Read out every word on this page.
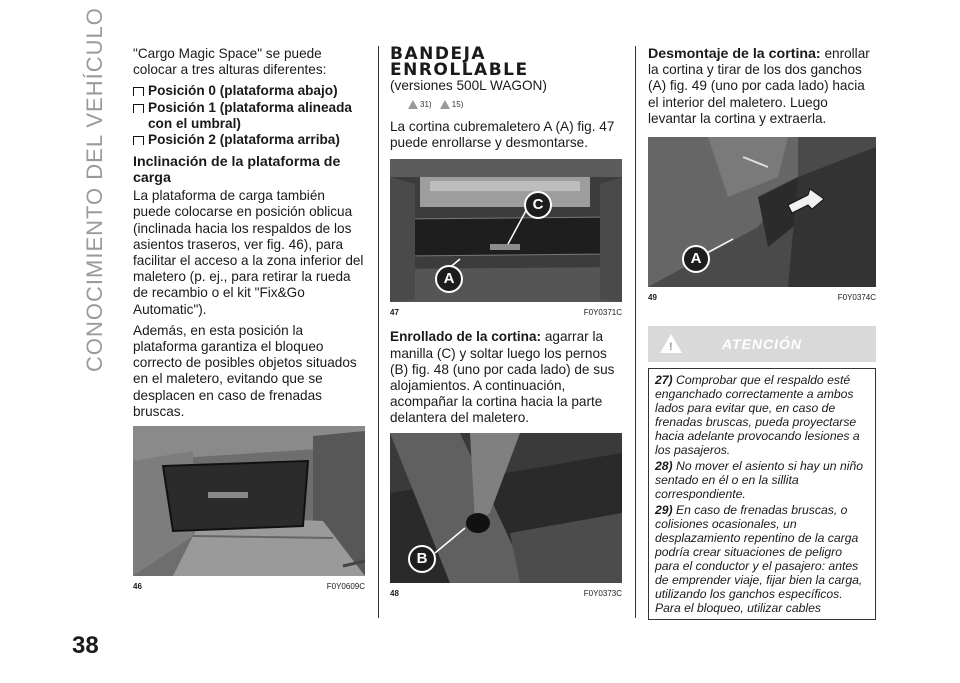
CONOCIMIENTO DEL VEHÍCULO
38

"Cargo Magic Space" se puede colocar a tres alturas diferentes:

Posición 0 (plataforma abajo)
Posición 1 (plataforma alineada con el umbral)
Posición 2 (plataforma arriba)
Inclinación de la plataforma de carga

La plataforma de carga también puede colocarse en posición oblicua (inclinada hacia los respaldos de los asientos traseros, ver fig. 46), para facilitar el acceso a la zona inferior del maletero (p. ej., para retirar la rueda de recambio o el kit "Fix&Go Automatic").

Además, en esta posición la plataforma garantiza el bloqueo correcto de posibles objetos situados en el maletero, evitando que se desplacen en caso de frenadas bruscas.

46	F0Y0609C
BANDEJA ENROLLABLE

(versiones 500L WAGON)

31)	15)

La cortina cubremaletero A (A) fig. 47 puede enrollarse y desmontarse.

C
A
47	F0Y0371C

Enrollado de la cortina: agarrar la manilla (C) y soltar luego los pernos (B) fig. 48 (uno por cada lado) de sus alojamientos. A continuación, acompañar la cortina hacia la parte delantera del maletero.

B
48	F0Y0373C

Desmontaje de la cortina: enrollar la cortina y tirar de los dos ganchos (A) fig. 49 (uno por cada lado) hacia el interior del maletero. Luego levantar la cortina y extraerla.

A
49	F0Y0374C
!	ATENCIÓN

27) Comprobar que el respaldo esté enganchado correctamente a ambos lados para evitar que, en caso de frenadas bruscas, pueda proyectarse hacia adelante provocando lesiones a los pasajeros.

28) No mover el asiento si hay un niño sentado en él o en la sillita correspondiente.

29) En caso de frenadas bruscas, o colisiones ocasionales, un desplazamiento repentino de la carga podría crear situaciones de peligro para el conductor y el pasajero: antes de emprender viaje, fijar bien la carga, utilizando los ganchos específicos. Para el bloqueo, utilizar cables
